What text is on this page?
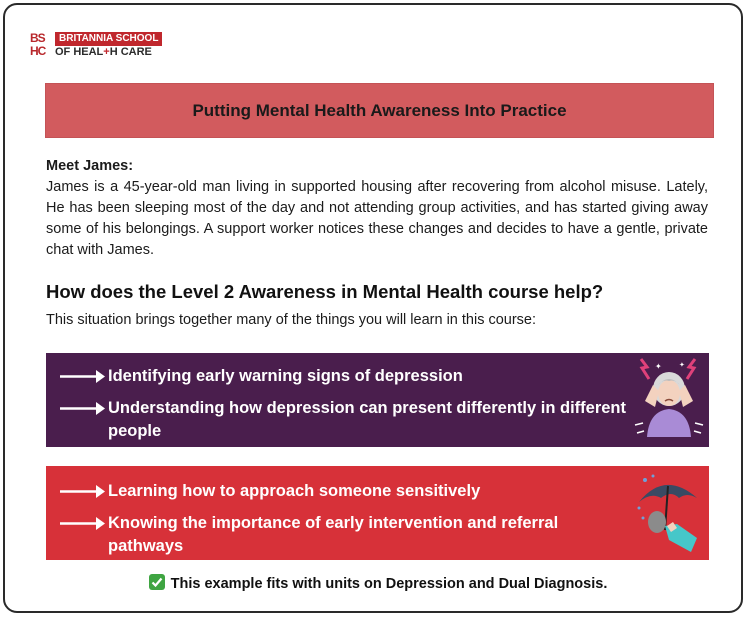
BS
HC
BRITANNIA SCHOOL
OF HEAL+H CARE
Putting Mental Health Awareness Into Practice
Meet James:

James is a 45-year-old man living in supported housing after recovering from alcohol misuse. Lately, He has been sleeping most of the day and not attending group activities, and has started giving away some of his belongings. A support worker notices these changes and decides to have a gentle, private chat with James.

How does the Level 2 Awareness in Mental Health course help?
This situation brings together many of the things you will learn in this course:
Identifying early warning signs of depression
Understanding how depression can present differently in different people
✦ ✦
Learning how to approach someone sensitively
Knowing the importance of early intervention and referral pathways
This example fits with units on Depression and Dual Diagnosis.
